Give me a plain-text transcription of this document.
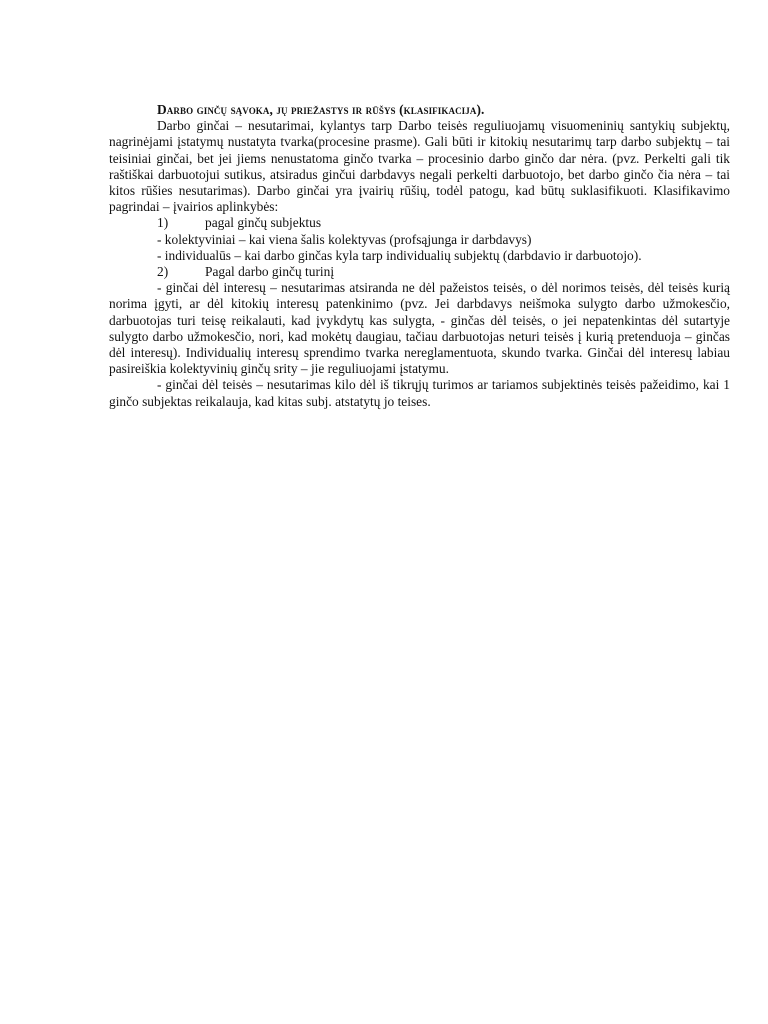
Darbo ginčų sąvoka, jų priežastys ir rūšys (klasifikacija).

Darbo ginčai – nesutarimai, kylantys tarp Darbo teisės reguliuojamų visuomeninių santykių subjektų, nagrinėjami įstatymų nustatyta tvarka(procesine prasme). Gali būti ir kitokių nesutarimų tarp darbo subjektų – tai teisiniai ginčai, bet jei jiems nenustatoma ginčo tvarka – procesinio darbo ginčo dar nėra. (pvz. Perkelti gali tik raštiškai darbuotojui sutikus, atsiradus ginčui darbdavys negali perkelti darbuotojo, bet darbo ginčo čia nėra – tai kitos rūšies nesutarimas). Darbo ginčai yra įvairių rūšių, todėl patogu, kad būtų suklasifikuoti. Klasifikavimo pagrindai – įvairios aplinkybės:

1)	pagal ginčų subjektus

- kolektyviniai – kai viena šalis kolektyvas (profsąjunga ir darbdavys)

- individualūs – kai darbo ginčas kyla tarp individualių subjektų (darbdavio ir darbuotojo).

2)	Pagal darbo ginčų turinį

- ginčai dėl interesų – nesutarimas atsiranda ne dėl pažeistos teisės, o dėl norimos teisės, dėl teisės kurią norima įgyti, ar dėl kitokių interesų patenkinimo (pvz. Jei darbdavys neišmoka sulygto darbo užmokesčio, darbuotojas turi teisę reikalauti, kad įvykdytų kas sulygta, - ginčas dėl teisės, o jei nepatenkintas dėl sutartyje sulygto darbo užmokesčio, nori, kad mokėtų daugiau, tačiau darbuotojas neturi teisės į kurią pretenduoja – ginčas dėl interesų). Individualių interesų sprendimo tvarka nereglamentuota, skundo tvarka. Ginčai dėl interesų labiau pasireiškia kolektyvinių ginčų srity – jie reguliuojami įstatymu.

- ginčai dėl teisės – nesutarimas kilo dėl iš tikrųjų turimos ar tariamos subjektinės teisės pažeidimo, kai 1 ginčo subjektas reikalauja, kad kitas subj. atstatytų jo teises.
